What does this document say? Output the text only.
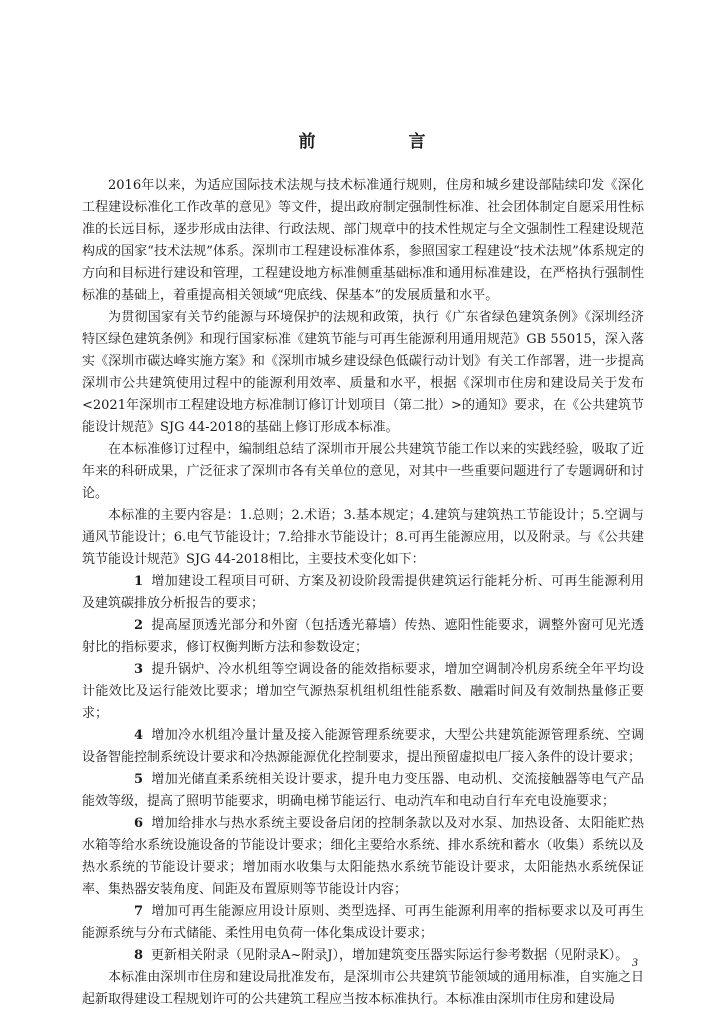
前　言

2016年以来，为适应国际技术法规与技术标准通行规则，住房和城乡建设部陆续印发《深化工程建设标准化工作改革的意见》等文件，提出政府制定强制性标准、社会团体制定自愿采用性标准的长远目标，逐步形成由法律、行政法规、部门规章中的技术性规定与全文强制性工程建设规范构成的国家“技术法规”体系。深圳市工程建设标准体系，参照国家工程建设“技术法规”体系规定的方向和目标进行建设和管理，工程建设地方标准侧重基础标准和通用标准建设，在严格执行强制性标准的基础上，着重提高相关领域“兜底线、保基本”的发展质量和水平。

为贯彻国家有关节约能源与环境保护的法规和政策，执行《广东省绿色建筑条例》《深圳经济特区绿色建筑条例》和现行国家标准《建筑节能与可再生能源利用通用规范》GB 55015，深入落实《深圳市碳达峰实施方案》和《深圳市城乡建设绿色低碳行动计划》有关工作部署，进一步提高深圳市公共建筑使用过程中的能源利用效率、质量和水平，根据《深圳市住房和建设局关于发布<2021年深圳市工程建设地方标准制订修订计划项目（第二批）>的通知》要求，在《公共建筑节能设计规范》SJG 44-2018的基础上修订形成本标准。

在本标准修订过程中，编制组总结了深圳市开展公共建筑节能工作以来的实践经验，吸取了近年来的科研成果，广泛征求了深圳市各有关单位的意见，对其中一些重要问题进行了专题调研和讨论。

本标准的主要内容是：1.总则；2.术语；3.基本规定；4.建筑与建筑热工节能设计；5.空调与通风节能设计；6.电气节能设计；7.给排水节能设计；8.可再生能源应用，以及附录。与《公共建筑节能设计规范》SJG 44-2018相比，主要技术变化如下：

1 增加建设工程项目可研、方案及初设阶段需提供建筑运行能耗分析、可再生能源利用及建筑碳排放分析报告的要求；

2 提高屋顶透光部分和外窗（包括透光幕墙）传热、遮阳性能要求，调整外窗可见光透射比的指标要求，修订权衡判断方法和参数设定；

3 提升锅炉、冷水机组等空调设备的能效指标要求，增加空调制冷机房系统全年平均设计能效比及运行能效比要求；增加空气源热泵机组机组性能系数、融霜时间及有效制热量修正要求；

4 增加冷水机组冷量计量及接入能源管理系统要求，大型公共建筑能源管理系统、空调设备智能控制系统设计要求和冷热源能源优化控制要求，提出预留虚拟电厂接入条件的设计要求；

5 增加光储直柔系统相关设计要求，提升电力变压器、电动机、交流接触器等电气产品能效等级，提高了照明节能要求，明确电梯节能运行、电动汽车和电动自行车充电设施要求；

6 增加给排水与热水系统主要设备启闭的控制条款以及对水泵、加热设备、太阳能贮热水箱等给水系统设施设备的节能设计要求；细化主要给水系统、排水系统和蓄水（收集）系统以及热水系统的节能设计要求；增加雨水收集与太阳能热水系统节能设计要求，太阳能热水系统保证率、集热器安装角度、间距及布置原则等节能设计内容；

7 增加可再生能源应用设计原则、类型选择、可再生能源利用率的指标要求以及可再生能源系统与分布式储能、柔性用电负荷一体化集成设计要求；

8 更新相关附录（见附录A~附录J），增加建筑变压器实际运行参考数据（见附录K）。

本标准由深圳市住房和建设局批准发布，是深圳市公共建筑节能领域的通用标准，自实施之日起新取得建设工程规划许可的公共建筑工程应当按本标准执行。本标准由深圳市住房和建设局

3
